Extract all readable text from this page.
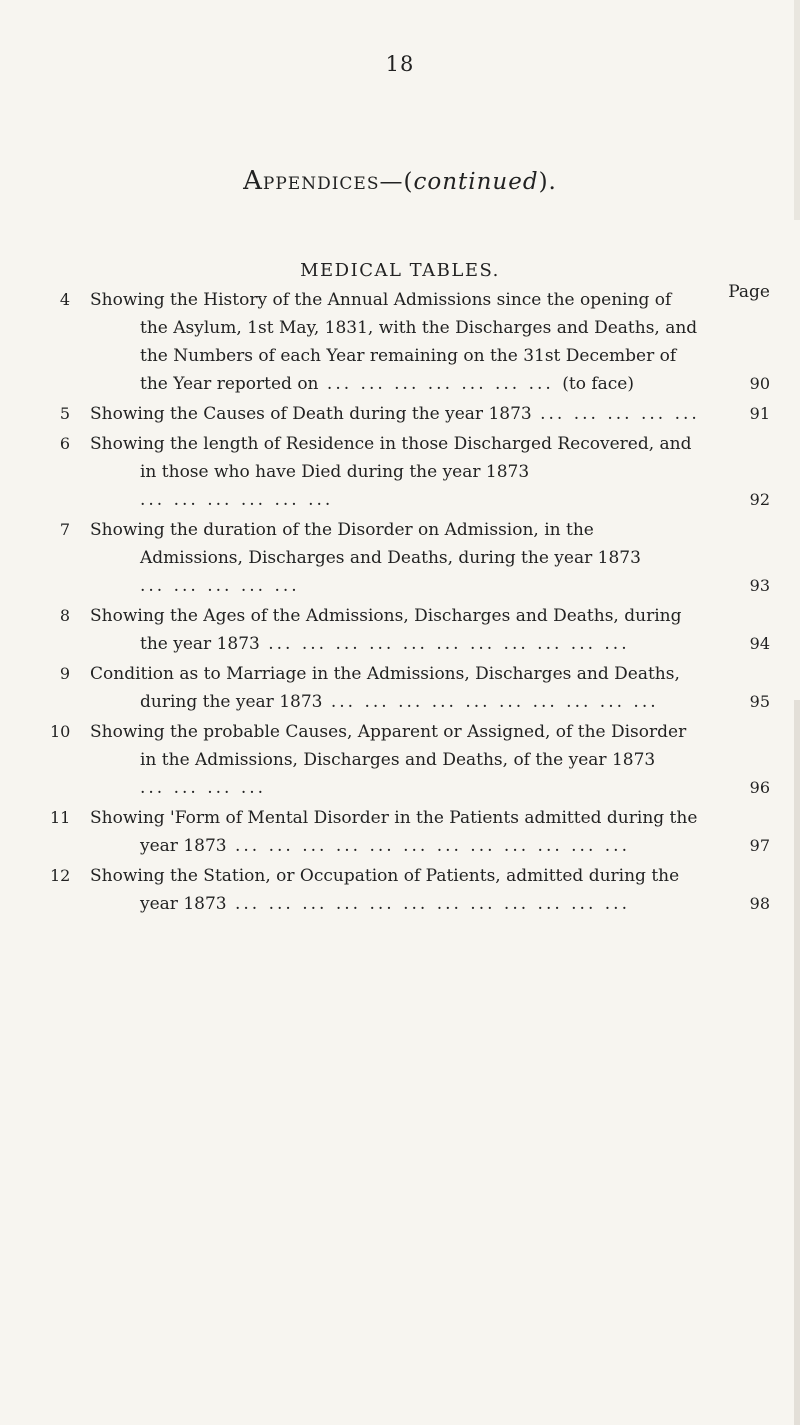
18
Appendices—(continued).
MEDICAL TABLES.
Page
4 Showing the History of the Annual Admissions since the opening of the Asylum, 1st May, 1831, with the Discharges and Deaths, and the Numbers of each Year remaining on the 31st December of the Year reported on ... ... ... ... ... ... ... (to face)	90
5 Showing the Causes of Death during the year 1873 ... ... ... ... ...	91
6 Showing the length of Residence in those Discharged Recovered, and in those who have Died during the year 1873 ... ... ... ... ... ...	92
7 Showing the duration of the Disorder on Admission, in the Admissions, Discharges and Deaths, during the year 1873 ... ... ... ... ...	93
8 Showing the Ages of the Admissions, Discharges and Deaths, during the year 1873 ... ... ... ... ... ... ... ... ... ... ...	94
9 Condition as to Marriage in the Admissions, Discharges and Deaths, during the year 1873 ... ... ... ... ... ... ... ... ... ...	95
10 Showing the probable Causes, Apparent or Assigned, of the Disorder in the Admissions, Discharges and Deaths, of the year 1873 ... ... ... ...	96
11 Showing 'Form of Mental Disorder in the Patients admitted during the year 1873 ... ... ... ... ... ... ... ... ... ... ... ...	97
12 Showing the Station, or Occupation of Patients, admitted during the year 1873 ... ... ... ... ... ... ... ... ... ... ... ...	98
